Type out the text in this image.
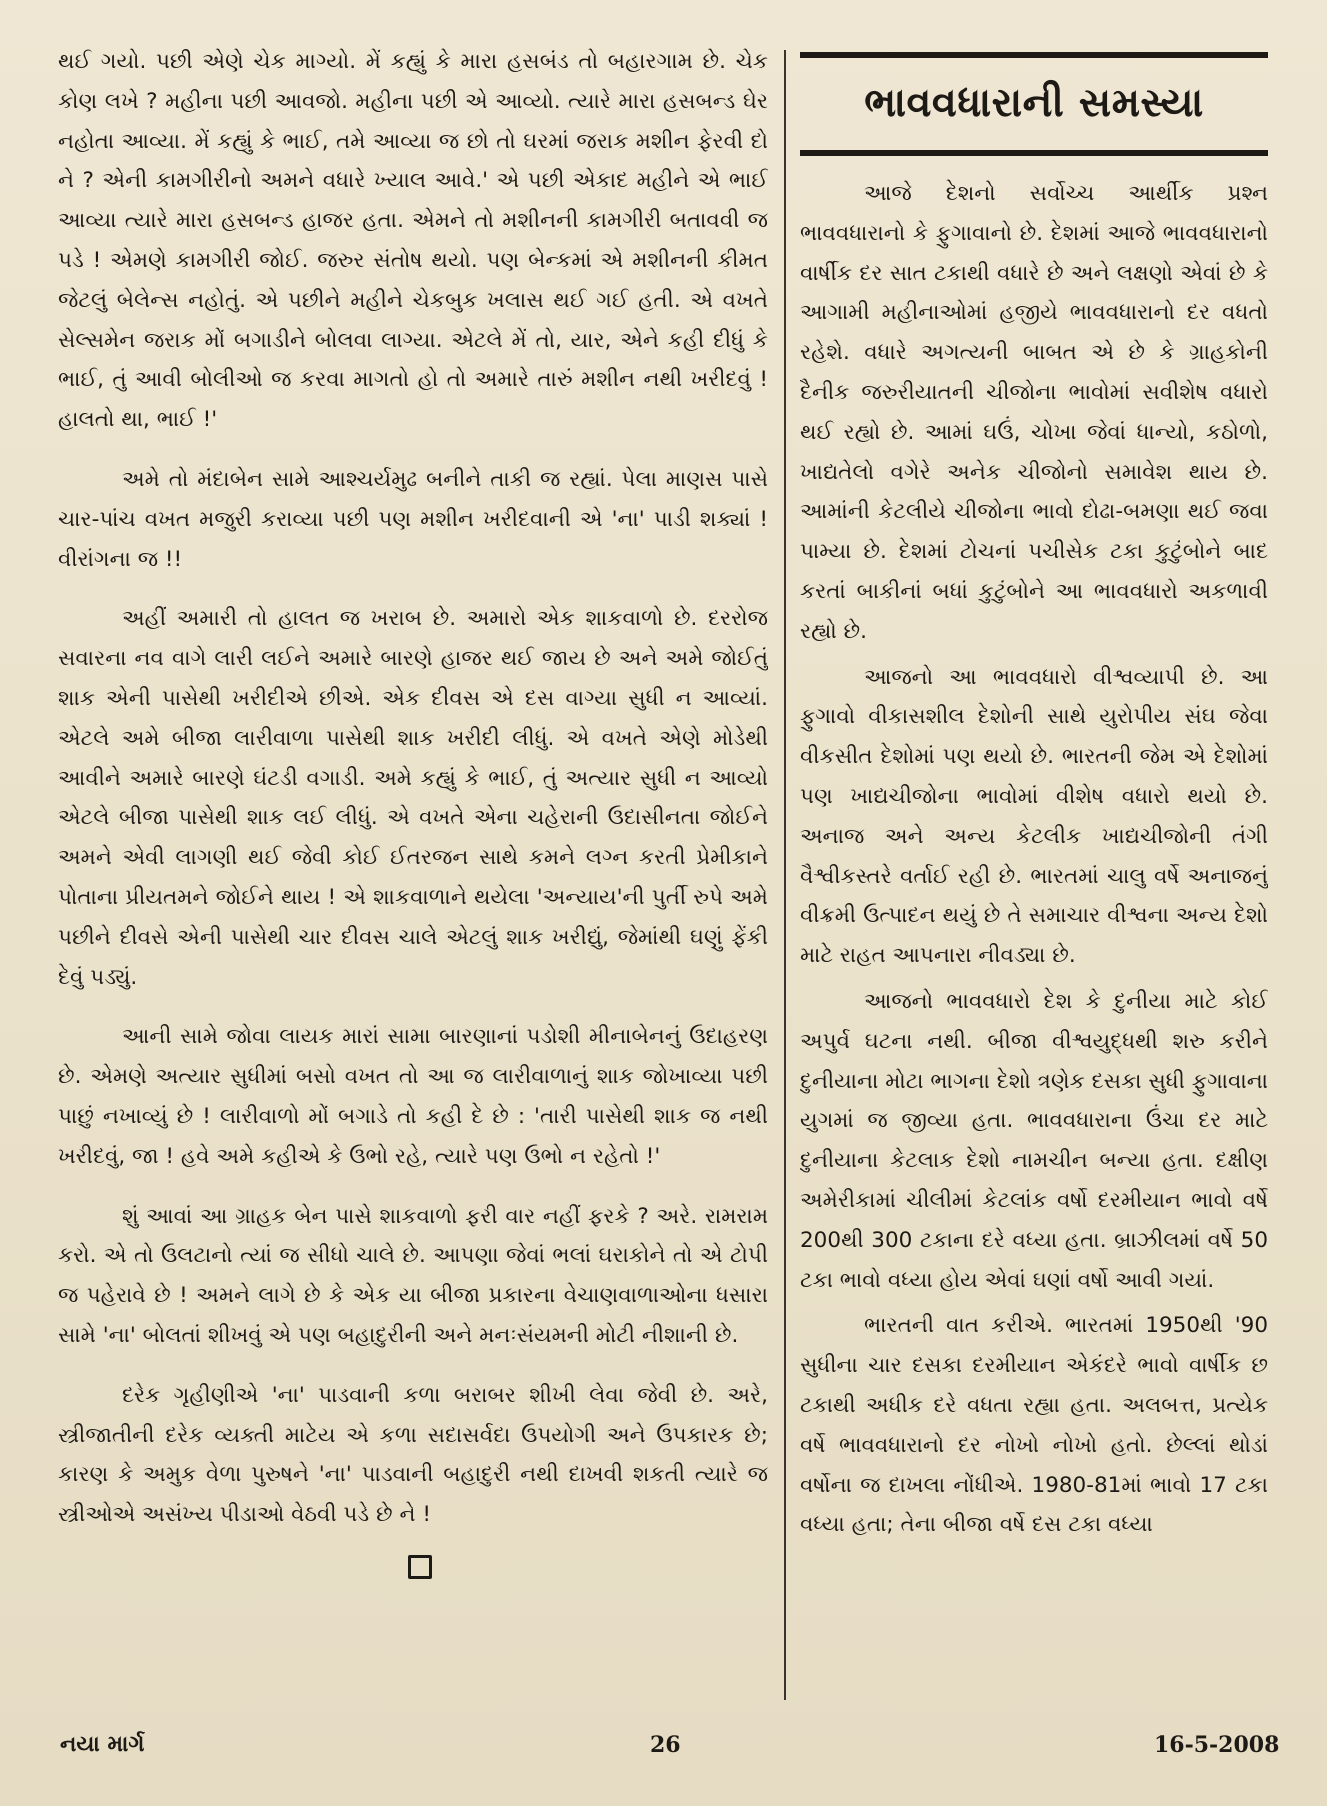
થઈ ગયો. પછી એણે ચેક માગ્યો. મેં કહ્યું કે મારા હસબંડ તો બહારગામ છે. ચેક કોણ લખે ? મહીના પછી આવજો. મહીના પછી એ આવ્યો. ત્યારે મારા હસબન્ડ ઘેર નહોતા આવ્યા. મેં કહ્યું કે ભાઈ, તમે આવ્યા જ છો તો ઘરમાં જરાક મશીન ફેરવી દો ને ? એની કામગીરીનો અમને વધારે ખ્યાલ આવે.' એ પછી એકાદ મહીને એ ભાઈ આવ્યા ત્યારે મારા હસબન્ડ હાજર હતા. એમને તો મશીનની કામગીરી બતાવવી જ પડે ! એમણે કામગીરી જોઈ. જરુર સંતોષ થયો. પણ બેન્કમાં એ મશીનની કીમત જેટલું બેલેન્સ નહોતું. એ પછીને મહીને ચેકબુક ખલાસ થઈ ગઈ હતી. એ વખતે સેલ્સમેન જરાક મોં બગાડીને બોલવા લાગ્યા. એટલે મેં તો, યાર, એને કહી દીધું કે ભાઈ, તું આવી બોલીઓ જ કરવા માગતો હો તો અમારે તારું મશીન નથી ખરીદવું ! હાલતો થા, ભાઈ !'

અમે તો મંદાબેન સામે આશ્ચર્યમુઢ બનીને તાકી જ રહ્યાં. પેલા માણસ પાસે ચાર-પાંચ વખત મજુરી કરાવ્યા પછી પણ મશીન ખરીદવાની એ 'ના' પાડી શક્યાં ! વીરાંગના જ !!

અહીં અમારી તો હાલત જ ખરાબ છે. અમારો એક શાકવાળો છે. દરરોજ સવારના નવ વાગે લારી લઈને અમારે બારણે હાજર થઈ જાય છે અને અમે જોઈતું શાક એની પાસેથી ખરીદીએ છીએ. એક દીવસ એ દસ વાગ્યા સુધી ન આવ્યાં. એટલે અમે બીજા લારીવાળા પાસેથી શાક ખરીદી લીધું. એ વખતે એણે મોડેથી આવીને અમારે બારણે ઘંટડી વગાડી. અમે કહ્યું કે ભાઈ, તું અત્યાર સુધી ન આવ્યો એટલે બીજા પાસેથી શાક લઈ લીધું. એ વખતે એના ચહેરાની ઉદાસીનતા જોઈને અમને એવી લાગણી થઈ જેવી કોઈ ઈતરજન સાથે કમને લગ્ન કરતી પ્રેમીકાને પોતાના પ્રીયતમને જોઈને થાય ! એ શાકવાળાને થયેલા 'અન્યાય'ની પુર્તી રુપે અમે પછીને દીવસે એની પાસેથી ચાર દીવસ ચાલે એટલું શાક ખરીદ્યું, જેમાંથી ઘણું ફેંકી દેવું પડ્યું.

આની સામે જોવા લાયક મારાં સામા બારણાનાં પડોશી મીનાબેનનું ઉદાહરણ છે. એમણે અત્યાર સુધીમાં બસો વખત તો આ જ લારીવાળાનું શાક જોખાવ્યા પછી પાછું નખાવ્યું છે ! લારીવાળો મોં બગાડે તો કહી દે છે : 'તારી પાસેથી શાક જ નથી ખરીદવું, જા ! હવે અમે કહીએ કે ઉભો રહે, ત્યારે પણ ઉભો ન રહેતો !'

શું આવાં આ ગ્રાહક બેન પાસે શાકવાળો ફરી વાર નહીં ફરકે ? અરે. રામરામ કરો. એ તો ઉલટાનો ત્યાં જ સીધો ચાલે છે. આપણા જેવાં ભલાં ઘરાકોને તો એ ટોપી જ પહેરાવે છે ! અમને લાગે છે કે એક યા બીજા પ્રકારના વેચાણવાળાઓના ધસારા સામે 'ના' બોલતાં શીખવું એ પણ બહાદુરીની અને મનઃસંયમની મોટી નીશાની છે.

દરેક ગૃહીણીએ 'ના' પાડવાની કળા બરાબર શીખી લેવા જેવી છે. અરે, સ્ત્રીજાતીની દરેક વ્યક્તી માટેય એ કળા સદાસર્વદા ઉપયોગી અને ઉપકારક છે; કારણ કે અમુક વેળા પુરુષને 'ના' પાડવાની બહાદુરી નથી દાખવી શકતી ત્યારે જ સ્ત્રીઓએ અસંખ્ય પીડાઓ વેઠવી પડે છે ને !

ભાવવધારાની સમસ્યા

આજે દેશનો સર્વોચ્ચ આર્થીક પ્રશ્ન ભાવવધારાનો કે ફુગાવાનો છે. દેશમાં આજે ભાવવધારાનો વાર્ષીક દર સાત ટકાથી વધારે છે અને લક્ષણો એવાં છે કે આગામી મહીનાઓમાં હજીયે ભાવવધારાનો દર વધતો રહેશે. વધારે અગત્યની બાબત એ છે કે ગ્રાહકોની દૈનીક જરુરીયાતની ચીજોના ભાવોમાં સવીશેષ વધારો થઈ રહ્યો છે. આમાં ઘઉં, ચોખા જેવાં ધાન્યો, કઠોળો, ખાદ્યતેલો વગેરે અનેક ચીજોનો સમાવેશ થાય છે. આમાંની કેટલીયે ચીજોના ભાવો દોઢા-બમણા થઈ જવા પામ્યા છે. દેશમાં ટોચનાં પચીસેક ટકા કુટુંબોને બાદ કરતાં બાકીનાં બધાં કુટુંબોને આ ભાવવધારો અકળાવી રહ્યો છે.

આજનો આ ભાવવધારો વીશ્વવ્યાપી છે. આ ફુગાવો વીકાસશીલ દેશોની સાથે યુરોપીય સંઘ જેવા વીકસીત દેશોમાં પણ થયો છે. ભારતની જેમ એ દેશોમાં પણ ખાદ્યચીજોના ભાવોમાં વીશેષ વધારો થયો છે. અનાજ અને અન્ય કેટલીક ખાદ્યચીજોની તંગી વૈશ્વીકસ્તરે વર્તાઈ રહી છે. ભારતમાં ચાલુ વર્ષે અનાજનું વીક્રમી ઉત્પાદન થયું છે તે સમાચાર વીશ્વના અન્ય દેશો માટે રાહત આપનારા નીવડ્યા છે.

આજનો ભાવવધારો દેશ કે દુનીયા માટે કોઈ અપુર્વ ઘટના નથી. બીજા વીશ્વયુદ્ધથી શરુ કરીને દુનીયાના મોટા ભાગના દેશો ત્રણેક દસકા સુધી ફુગાવાના યુગમાં જ જીવ્યા હતા. ભાવવધારાના ઉંચા દર માટે દુનીયાના કેટલાક દેશો નામચીન બન્યા હતા. દક્ષીણ અમેરીકામાં ચીલીમાં કેટલાંક વર્ષો દરમીયાન ભાવો વર્ષે 200થી 300 ટકાના દરે વધ્યા હતા. બ્રાઝીલમાં વર્ષે 50 ટકા ભાવો વધ્યા હોય એવાં ઘણાં વર્ષો આવી ગયાં.

ભારતની વાત કરીએ. ભારતમાં 1950થી '90 સુધીના ચાર દસકા દરમીયાન એકંદરે ભાવો વાર્ષીક છ ટકાથી અધીક દરે વધતા રહ્યા હતા. અલબત્ત, પ્રત્યેક વર્ષે ભાવવધારાનો દર નોખો નોખો હતો. છેલ્લાં થોડાં વર્ષોના જ દાખલા નોંધીએ. 1980-81માં ભાવો 17 ટકા વધ્યા હતા; તેના બીજા વર્ષે દસ ટકા વધ્યા

નયા માર્ગ	26	16-5-2008
